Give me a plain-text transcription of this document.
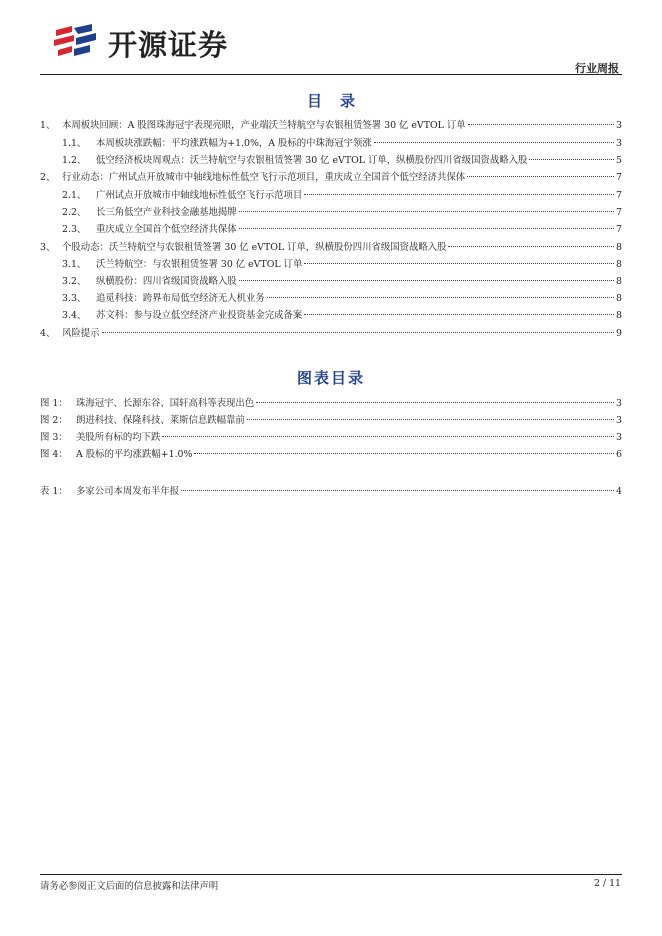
开源证券
行业周报
目录
1、 本周板块回顾：A 股图珠海冠宇表现亮眼，产业端沃兰特航空与农银租赁签署 30 亿 eVTOL 订单	3
1.1、	本周板块涨跌幅：平均涨跌幅为+1.0%，A 股标的中珠海冠宇领涨	3
1.2、	低空经济板块周观点：沃兰特航空与农银租赁签署 30 亿 eVTOL 订单，纵横股份四川省级国资战略入股	5
2、 行业动态：广州试点开放城市中轴线地标性低空飞行示范项目，重庆成立全国首个低空经济共保体	7
2.1、	广州试点开放城市中轴线地标性低空飞行示范项目	7
2.2、	长三角低空产业科技金融基地揭牌	7
2.3、	重庆成立全国首个低空经济共保体	7
3、 个股动态：沃兰特航空与农银租赁签署 30 亿 eVTOL 订单，纵横股份四川省级国资战略入股	8
3.1、	沃兰特航空：与农银租赁签署 30 亿 eVTOL 订单	8
3.2、	纵横股份：四川省级国资战略入股	8
3.3、	追觅科技：跨界布局低空经济无人机业务	8
3.4、	苏文科：参与设立低空经济产业投资基金完成备案	8
4、 风险提示	9
图表目录
图 1： 珠海冠宇、长源东谷、国轩高科等表现出色	3
图 2： 朗进科技、保隆科技、莱斯信息跌幅靠前	3
图 3： 美股所有标的均下跌	3
图 4： A 股标的平均涨跌幅+1.0%	6
表 1： 多家公司本周发布半年报	4
请务必参阅正文后面的信息披露和法律声明	2 / 11
